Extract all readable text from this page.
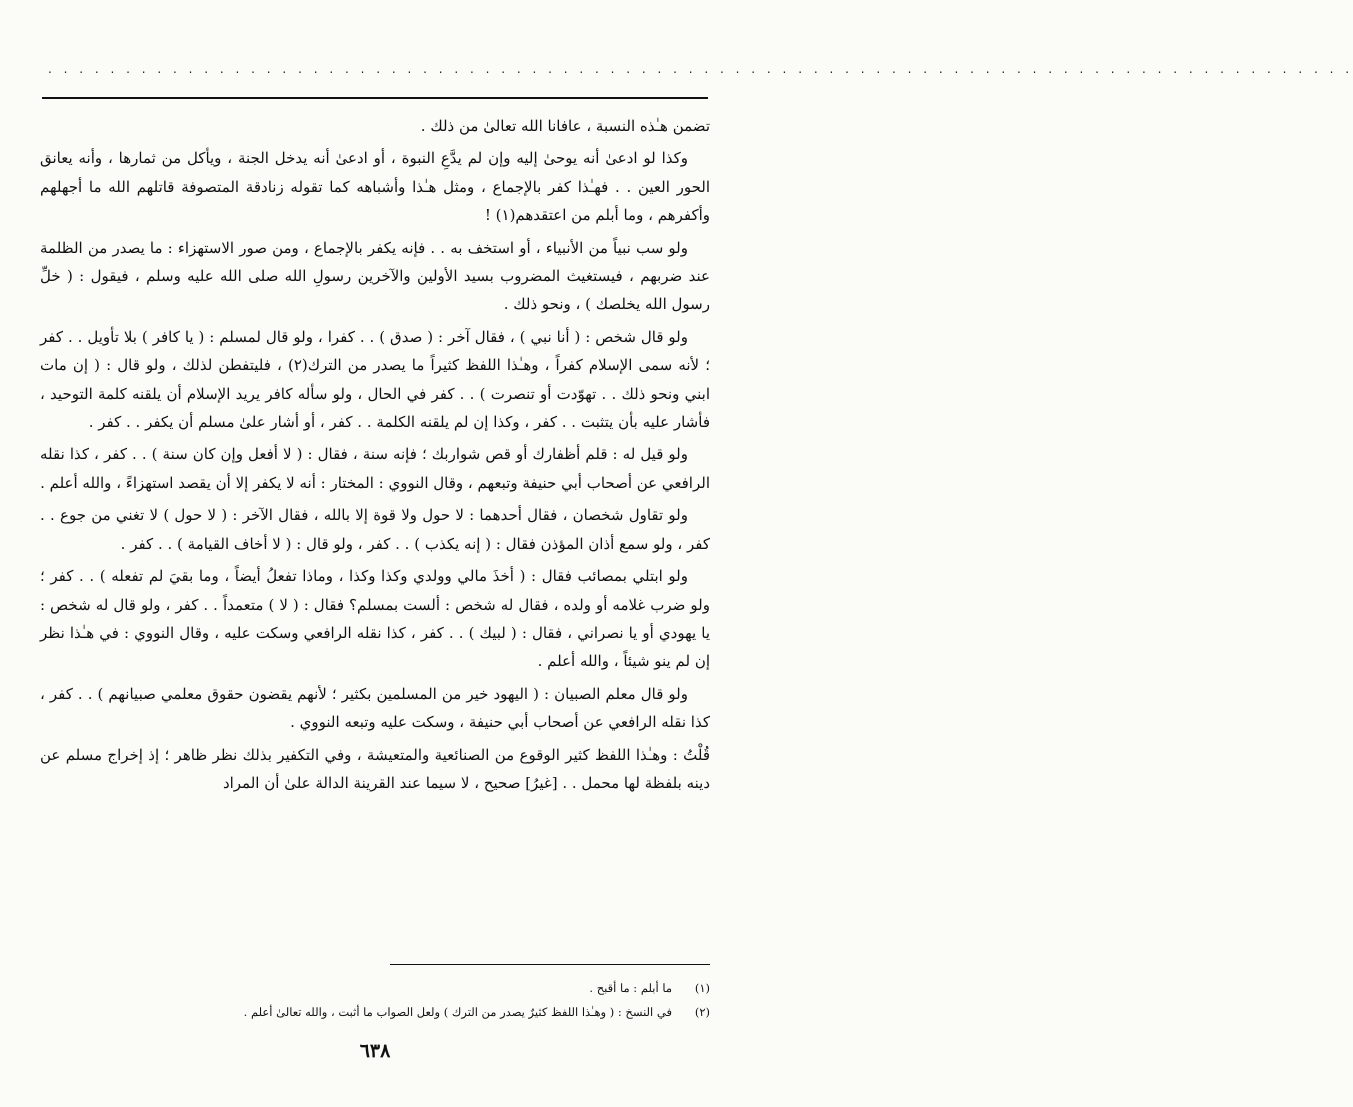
. . . . . . . . . . . . . . . . . . . . . . . . . . . . . . . . . . . . . . . . . . . . . . . . . . . . . . . . . . . . . . . . . . . . . . . . . . . . . . . . . . . .

تضمن هـٰذه النسبة ، عافانا الله تعالىٰ من ذلك .

وكذا لو ادعىٰ أنه يوحىٰ إليه وإن لم يدَّعِ النبوة ، أو ادعىٰ أنه يدخل الجنة ، ويأكل من ثمارها ، وأنه يعانق الحور العين . . فهـٰذا كفر بالإجماع ، ومثل هـٰذا وأشباهه كما تقوله زنادقة المتصوفة قاتلهم الله ما أجهلهم وأكفرهم ، وما أبلم من اعتقدهم(١) !

ولو سب نبياً من الأنبياء ، أو استخف به . . فإنه يكفر بالإجماع ، ومن صور الاستهزاء : ما يصدر من الظلمة عند ضربهم ، فيستغيث المضروب بسيد الأولين والآخرين رسولِ الله صلى الله عليه وسلم ، فيقول : ( خلِّ رسول الله يخلصك ) ، ونحو ذلك .

ولو قال شخص : ( أنا نبي ) ، فقال آخر : ( صدق ) . . كفرا ، ولو قال لمسلم : ( يا كافر ) بلا تأويل . . كفر ؛ لأنه سمى الإسلام كفراً ، وهـٰذا اللفظ كثيراً ما يصدر من الترك(٢) ، فليتفطن لذلك ، ولو قال : ( إن مات ابني ونحو ذلك . . تهوّدت أو تنصرت ) . . كفر في الحال ، ولو سأله كافر يريد الإسلام أن يلقنه كلمة التوحيد ، فأشار عليه بأن يتثبت . . كفر ، وكذا إن لم يلقنه الكلمة . . كفر ، أو أشار علىٰ مسلم أن يكفر . . كفر .

ولو قيل له : قلم أظفارك أو قص شواربك ؛ فإنه سنة ، فقال : ( لا أفعل وإن كان سنة ) . . كفر ، كذا نقله الرافعي عن أصحاب أبي حنيفة وتبعهم ، وقال النووي : المختار : أنه لا يكفر إلا أن يقصد استهزاءً ، والله أعلم .

ولو تقاول شخصان ، فقال أحدهما : لا حول ولا قوة إلا بالله ، فقال الآخر : ( لا حول ) لا تغني من جوع . . كفر ، ولو سمع أذان المؤذن فقال : ( إنه يكذب ) . . كفر ، ولو قال : ( لا أخاف القيامة ) . . كفر .

ولو ابتلي بمصائب فقال : ( أخذَ مالي وولدي وكذا وكذا ، وماذا تفعلُ أيضاً ، وما بقيَ لم تفعله ) . . كفر ؛ ولو ضرب غلامه أو ولده ، فقال له شخص : ألست بمسلم؟ فقال : ( لا ) متعمداً . . كفر ، ولو قال له شخص : يا يهودي أو يا نصراني ، فقال : ( لبيك ) . . كفر ، كذا نقله الرافعي وسكت عليه ، وقال النووي : في هـٰذا نظر إن لم ينو شيئاً ، والله أعلم .

ولو قال معلم الصبيان : ( اليهود خير من المسلمين بكثير ؛ لأنهم يقضون حقوق معلمي صبيانهم ) . . كفر ، كذا نقله الرافعي عن أصحاب أبي حنيفة ، وسكت عليه وتبعه النووي .

قُلْتُ : وهـٰذا اللفظ كثير الوقوع من الصنائعية والمتعيشة ، وفي التكفير بذلك نظر ظاهر ؛ إذ إخراج مسلم عن دينه بلفظة لها محمل . . [غيرُ] صحيح ، لا سيما عند القرينة الدالة علىٰ أن المراد

(١)
ما أبلم : ما أقبح .
(٢)
في النسخ : ( وهـٰذا اللفظ كثيرٌ يصدر من الترك ) ولعل الصواب ما أثبت ، والله تعالىٰ أعلم .
٦٣٨
